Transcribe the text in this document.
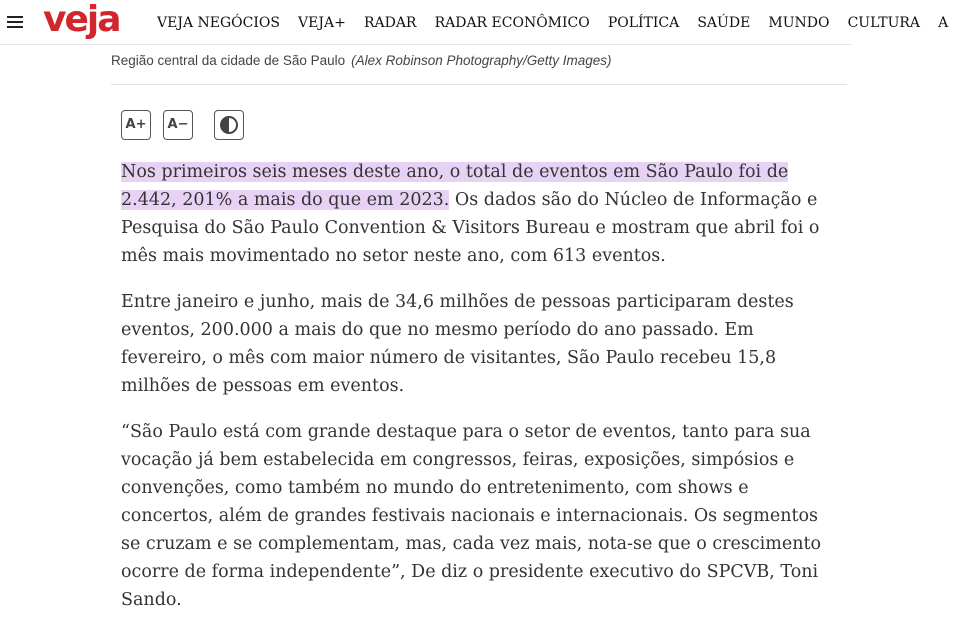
veja	VEJA NEGÓCIOS VEJA+ RADAR RADAR ECONÔMICO POLÍTICA SAÚDE MUNDO CULTURA A
Região central da cidade de São Paulo (Alex Robinson Photography/Getty Images)
A+	A−

Nos primeiros seis meses deste ano, o total de eventos em São Paulo foi de 2.442, 201% a mais do que em 2023. Os dados são do Núcleo de Informação e Pesquisa do São Paulo Convention & Visitors Bureau e mostram que abril foi o mês mais movimentado no setor neste ano, com 613 eventos.

Entre janeiro e junho, mais de 34,6 milhões de pessoas participaram destes eventos, 200.000 a mais do que no mesmo período do ano passado. Em fevereiro, o mês com maior número de visitantes, São Paulo recebeu 15,8 milhões de pessoas em eventos.

“São Paulo está com grande destaque para o setor de eventos, tanto para sua vocação já bem estabelecida em congressos, feiras, exposições, simpósios e convenções, como também no mundo do entretenimento, com shows e concertos, além de grandes festivais nacionais e internacionais. Os segmentos se cruzam e se complementam, mas, cada vez mais, nota-se que o crescimento ocorre de forma independente”, De diz o presidente executivo do SPCVB, Toni Sando.
